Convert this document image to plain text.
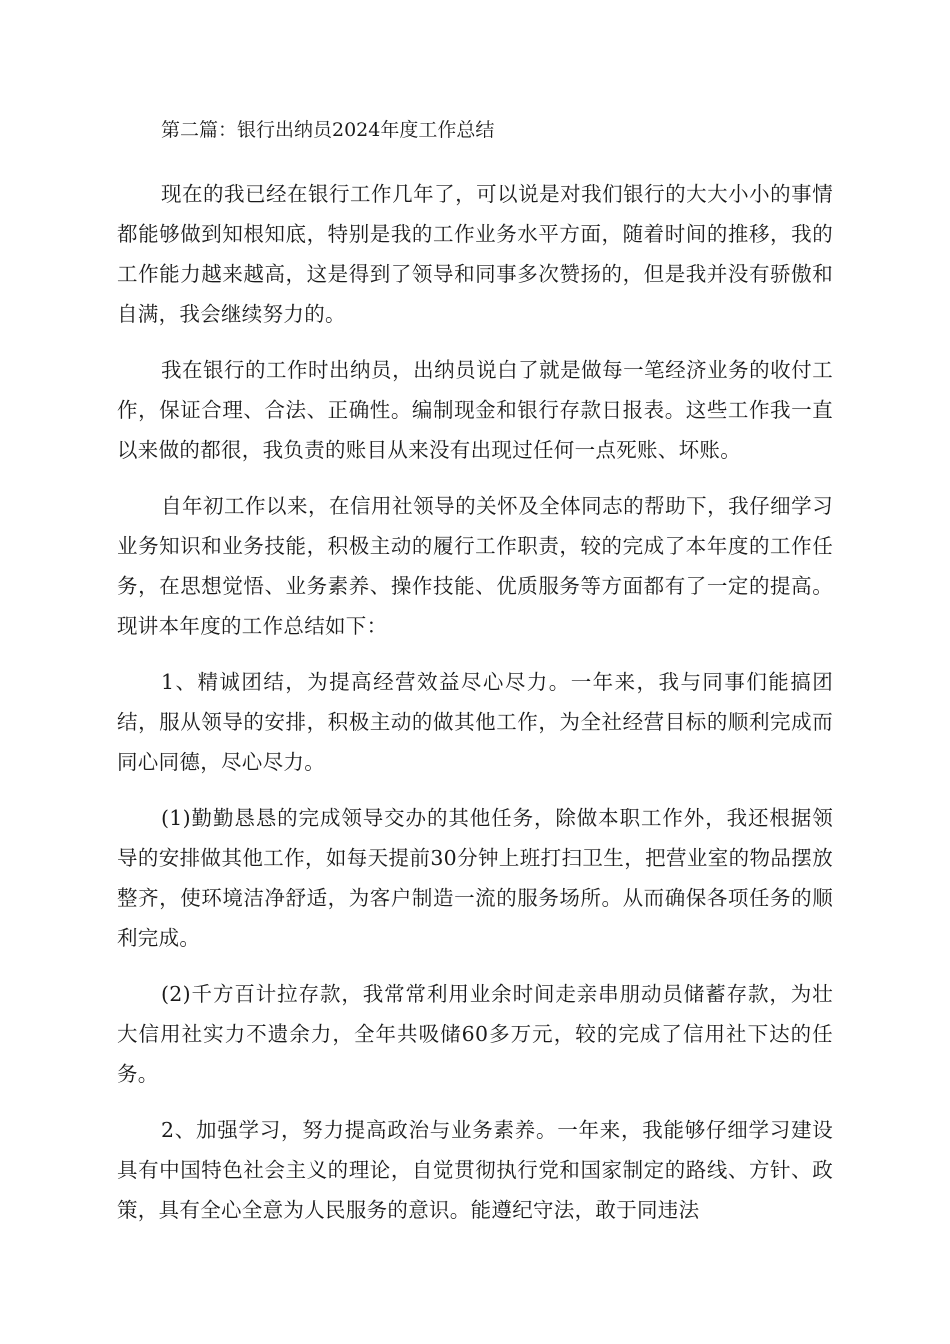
第二篇：银行出纳员2024年度工作总结

现在的我已经在银行工作几年了，可以说是对我们银行的大大小小的事情都能够做到知根知底，特别是我的工作业务水平方面，随着时间的推移，我的工作能力越来越高，这是得到了领导和同事多次赞扬的，但是我并没有骄傲和自满，我会继续努力的。

我在银行的工作时出纳员，出纳员说白了就是做每一笔经济业务的收付工作，保证合理、合法、正确性。编制现金和银行存款日报表。这些工作我一直以来做的都很，我负责的账目从来没有出现过任何一点死账、坏账。

自年初工作以来，在信用社领导的关怀及全体同志的帮助下，我仔细学习业务知识和业务技能，积极主动的履行工作职责，较的完成了本年度的工作任务，在思想觉悟、业务素养、操作技能、优质服务等方面都有了一定的提高。现讲本年度的工作总结如下：

1、精诚团结，为提高经营效益尽心尽力。一年来，我与同事们能搞团结，服从领导的安排，积极主动的做其他工作，为全社经营目标的顺利完成而同心同德，尽心尽力。

(1)勤勤恳恳的完成领导交办的其他任务，除做本职工作外，我还根据领导的安排做其他工作，如每天提前30分钟上班打扫卫生，把营业室的物品摆放整齐，使环境洁净舒适，为客户制造一流的服务场所。从而确保各项任务的顺利完成。

(2)千方百计拉存款，我常常利用业余时间走亲串朋动员储蓄存款，为壮大信用社实力不遗余力，全年共吸储60多万元，较的完成了信用社下达的任务。

2、加强学习，努力提高政治与业务素养。一年来，我能够仔细学习建设具有中国特色社会主义的理论，自觉贯彻执行党和国家制定的路线、方针、政策，具有全心全意为人民服务的意识。能遵纪守法，敢于同违法
